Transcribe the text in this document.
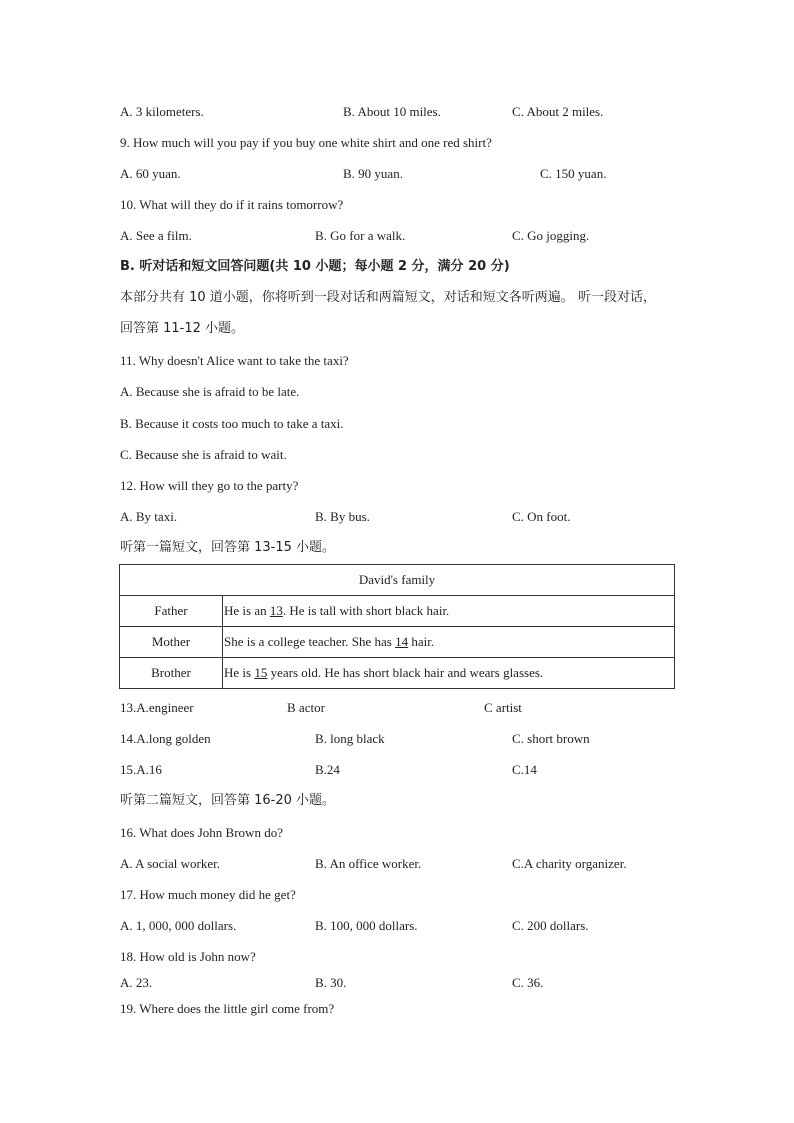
A. 3 kilometers.	B. About 10 miles.	C. About 2 miles.
9. How much will you pay if you buy one white shirt and one red shirt?
A. 60 yuan.	B. 90 yuan.	C. 150 yuan.
10. What will they do if it rains tomorrow?
A. See a film.	B. Go for a walk.	C. Go jogging.
B. 听对话和短文回答问题(共 10 小题；每小题 2 分，满分 20 分)
本部分共有 10 道小题，你将听到一段对话和两篇短文，对话和短文各听两遍。 听一段对话，
回答第 11-12 小题。
11. Why doesn't Alice want to take the taxi?
A. Because she is afraid to be late.
B. Because it costs too much to take a taxi.
C. Because she is afraid to wait.
12. How will they go to the party?
A. By taxi.	B. By bus.	C. On foot.
听第一篇短文，回答第 13-15 小题。
David's family	
Father	He is an 13. He is tall with short black hair.
Mother	She is a college teacher. She has 14 hair.
Brother	He is 15 years old. He has short black hair and wears glasses.
13.A.engineer	B actor	C artist
14.A.long golden	B. long black	C. short brown
15.A.16	B.24	C.14
听第二篇短文，回答第 16-20 小题。
16. What does John Brown do?
A. A social worker.	B. An office worker.	C.A charity organizer.
17. How much money did he get?
A. 1, 000, 000 dollars.	B. 100, 000 dollars.	C. 200 dollars.
18. How old is John now?
A. 23.	B. 30.	C. 36.
19. Where does the little girl come from?
